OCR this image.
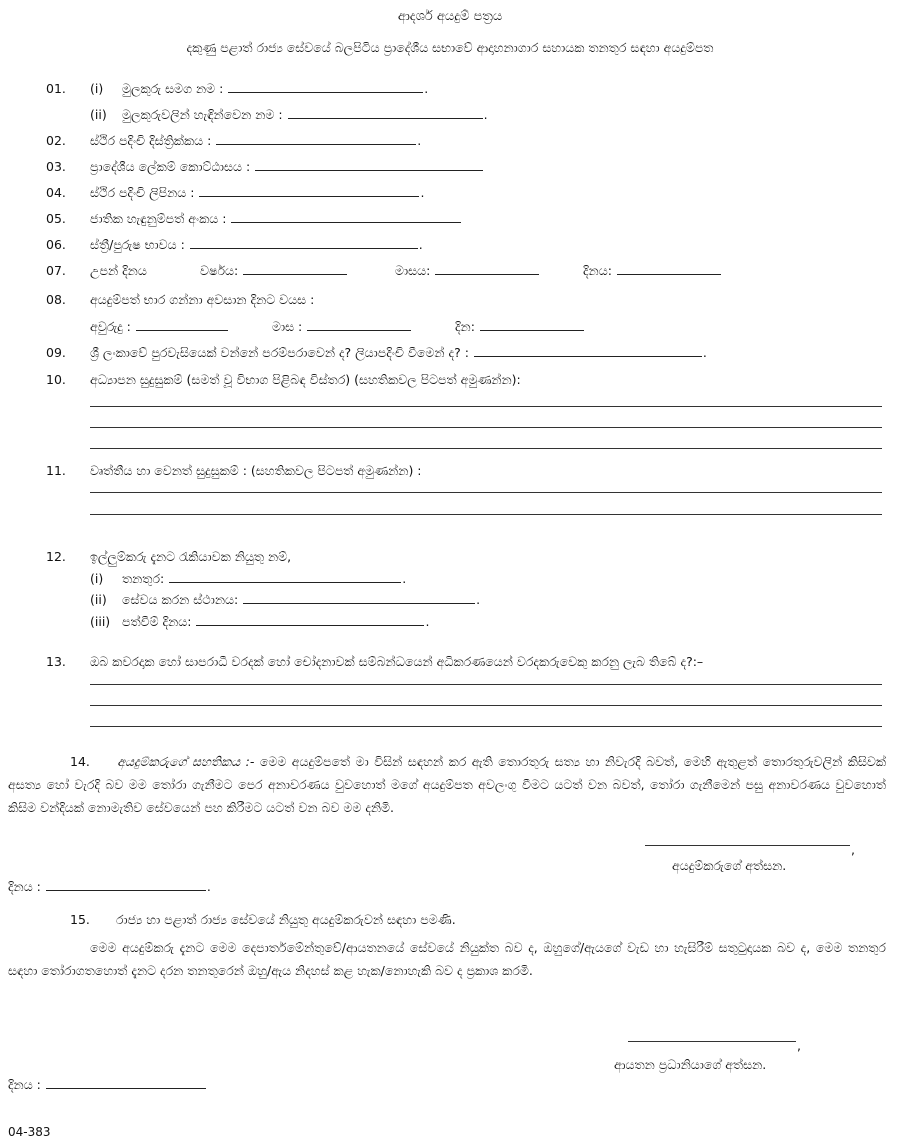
ආදර්ශ අයදුම් පත්‍රය
දකුණු පළාත් රාජ්‍ය සේවයේ බලපිටිය ප්‍රාදේශීය සභාවේ ආදාහනාගාර සහායක තනතුර සඳහා අයදුම්පත
01. (i) මුලකුරු සමග නම :	.
(ii) මුලකුරුවලින් හැඳින්වෙන නම :	.
02. ස්ථිර පදිංචි දිස්ත්‍රික්කය :	.
03. ප්‍රාදේශීය ලේකම් කොට්ඨාසය :
04. ස්ථිර පදිංචි ලිපිනය :	.
05. ජාතික හැඳුනුම්පත් අංකය :
06. ස්ත්‍රී/පුරුෂ භාවය :	.
07. උපන් දිනය	වර්ෂය:	මාසය:	දිනය:
08. අයදුම්පත් භාර ගන්නා අවසාන දිනට වයස :
අවුරුදු :	මාස :	දින:
09. ශ්‍රී ලංකාවේ පුරවැසියෙක් වන්නේ පරම්පරාවෙන් ද? ලියාපදිංචි වීමෙන් ද? :	.
10. අධ්‍යාපන සුදුසුකම් (සමත් වූ විභාග පිළිබඳ විස්තර) (සහතිකවල පිටපත් අමුණන්න):
11. වෘත්තීය හා වෙනත් සුදුසුකම් : (සහතිකවල පිටපත් අමුණන්න) :
12. ඉල්ලුම්කරු දැනට රැකියාවක නියුතු නම්,
(i) තනතුර:	.
(ii) සේවය කරන ස්ථානය:	.
(iii) පත්වීම් දිනය:	.
13. ඔබ කවරදාක හෝ සාපරාධී වරදක් හෝ චෝදනාවක් සම්බන්ධයෙන් අධිකරණයෙන් වරදකරුවෙකු කරනු ලැබ තිබේ ද?:–
14. අයදුම්කරුගේ සහතිකය :- මෙම අයදුම්පතේ මා විසින් සඳහන් කර ඇති තොරතුරු සත්‍ය හා නිවැරදි බවත්, මෙහි ඇතුළත් තොරතුරුවලින් කිසිවක් අසත්‍ය හෝ වැරදි බව මම තෝරා ගැනීමට පෙර අනාවරණය වුවහොත් මගේ අයදුම්පත අවලංගු වීමට යටත් වන බවත්, තෝරා ගැනීමෙන් පසු අනාවරණය වුවහොත් කිසිම වන්දියක් නොමැතිව සේවයෙන් පහ කිරීමට යටත් වන බව මම දනිමි.
,
අයදුම්කරුගේ අත්සන.
දිනය :	.
15. රාජ්‍ය හා පළාත් රාජ්‍ය සේවයේ නියුතු අයදුම්කරුවන් සඳහා පමණි.
මෙම අයදුම්කරු දැනට මෙම දෙපාර්තමේන්තුවේ/ආයතනයේ සේවයේ නියුක්ත බව ද, ඔහුගේ/ඇයගේ වැඩ හා හැසිරීම් සතුටුදායක බව ද, මෙම තනතුර සඳහා තෝරාගතහොත් දැනට දරන තනතුරෙන් ඔහු/ඇය නිදහස් කළ හැක/නොහැකි බව ද ප්‍රකාශ කරමි.
,
ආයතන ප්‍රධානියාගේ අත්සන.
දිනය :
04-383
